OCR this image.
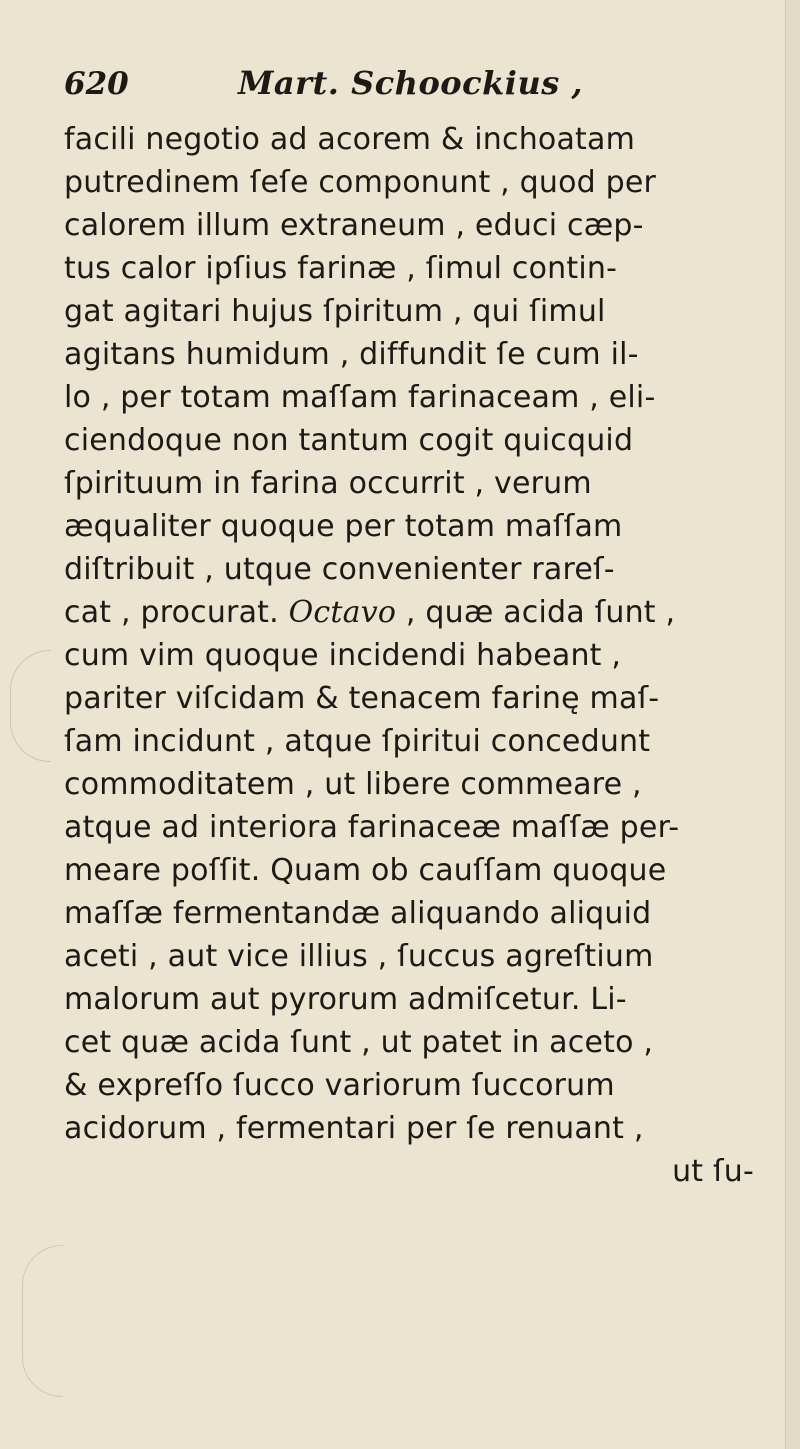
620	Mart. Schoockius ,
facili negotio ad acorem & inchoatam
putredinem ſeſe componunt , quod per
calorem illum extraneum , educi cæp-
tus calor ipſius farinæ , ſimul contin-
gat agitari hujus ſpiritum , qui ſimul
agitans humidum , diffundit ſe cum il-
lo , per totam maſſam farinaceam , eli-
ciendoque non tantum cogit quicquid
ſpirituum in farina occurrit , verum
æqualiter quoque per totam maſſam
diſtribuit , utque convenienter rareſ-
cat , procurat. Octavo , quæ acida ſunt ,
cum vim quoque incidendi habeant ,
pariter viſcidam & tenacem farinę maſ-
ſam incidunt , atque ſpiritui concedunt
commoditatem , ut libere commeare ,
atque ad interiora farinaceæ maſſæ per-
meare poſſit. Quam ob cauſſam quoque
maſſæ fermentandæ aliquando aliquid
aceti , aut vice illius , ſuccus agreſtium
malorum aut pyrorum admiſcetur. Li-
cet quæ acida ſunt , ut patet in aceto ,
& expreſſo ſucco variorum ſuccorum
acidorum , fermentari per ſe renuant ,
ut ſu-
